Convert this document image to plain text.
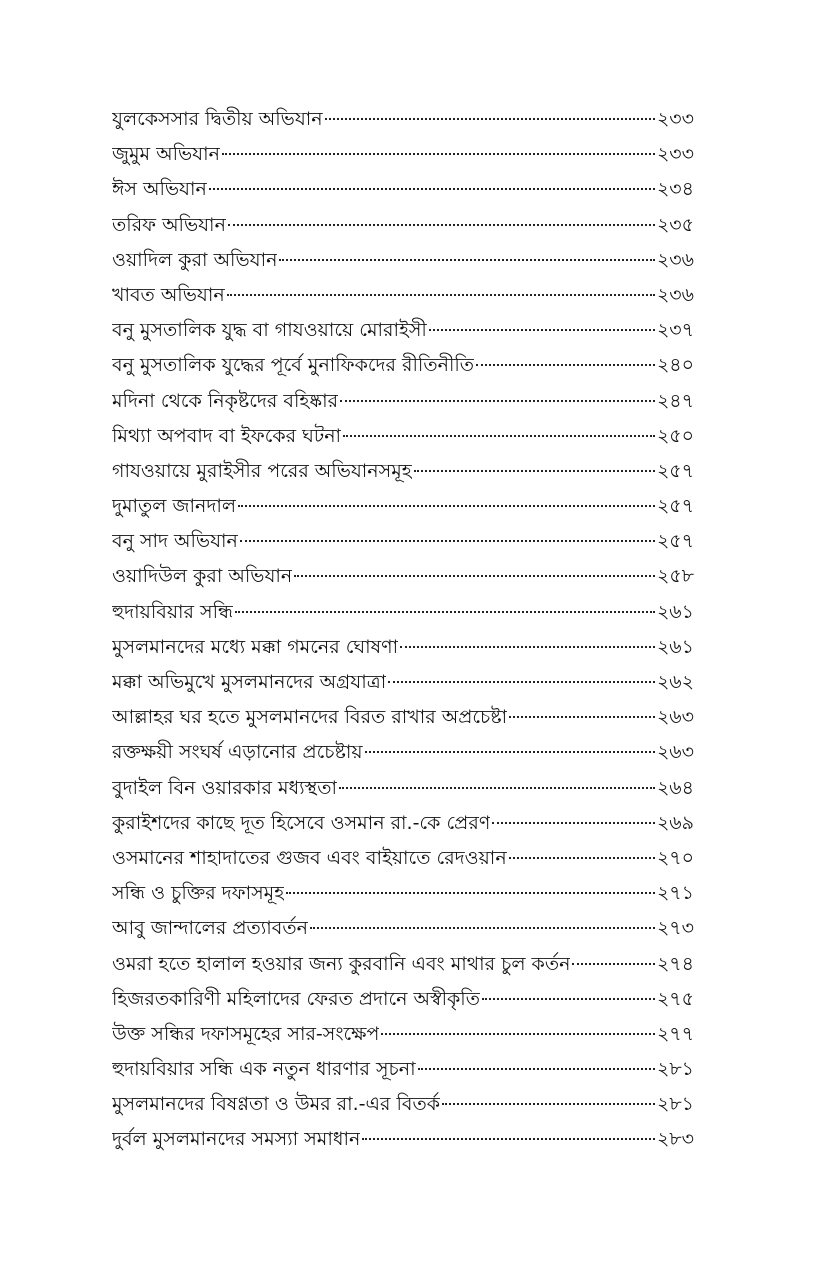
যুলকেসসার দ্বিতীয় অভিযান	২৩৩
জুমুম অভিযান	২৩৩
ঈস অভিযান	২৩৪
তরিফ অভিযান	২৩৫
ওয়াদিল কুরা অভিযান	২৩৬
খাবত অভিযান	২৩৬
বনু মুসতালিক যুদ্ধ বা গাযওয়ায়ে মোরাইসী	২৩৭
বনু মুসতালিক যুদ্ধের পূর্বে মুনাফিকদের রীতিনীতি	২৪০
মদিনা থেকে নিকৃষ্টদের বহিষ্কার	২৪৭
মিথ্যা অপবাদ বা ইফকের ঘটনা	২৫০
গাযওয়ায়ে মুরাইসীর পরের অভিযানসমূহ	২৫৭
দুমাতুল জানদাল	২৫৭
বনু সাদ অভিযান	২৫৭
ওয়াদিউল কুরা অভিযান	২৫৮
হুদায়বিয়ার সন্ধি	২৬১
মুসলমানদের মধ্যে মক্কা গমনের ঘোষণা	২৬১
মক্কা অভিমুখে মুসলমানদের অগ্রযাত্রা	২৬২
আল্লাহর ঘর হতে মুসলমানদের বিরত রাখার অপ্রচেষ্টা	২৬৩
রক্তক্ষয়ী সংঘর্ষ এড়ানোর প্রচেষ্টায়	২৬৩
বুদাইল বিন ওয়ারকার মধ্যস্থতা	২৬৪
কুরাইশদের কাছে দূত হিসেবে ওসমান রা.-কে প্রেরণ	২৬৯
ওসমানের শাহাদাতের গুজব এবং বাইয়াতে রেদওয়ান	২৭০
সন্ধি ও চুক্তির দফাসমূহ	২৭১
আবু জান্দালের প্রত্যাবর্তন	২৭৩
ওমরা হতে হালাল হওয়ার জন্য কুরবানি এবং মাথার চুল কর্তন	২৭৪
হিজরতকারিণী মহিলাদের ফেরত প্রদানে অস্বীকৃতি	২৭৫
উক্ত সন্ধির দফাসমূহের সার-সংক্ষেপ	২৭৭
হুদায়বিয়ার সন্ধি এক নতুন ধারণার সূচনা	২৮১
মুসলমানদের বিষণ্ণতা ও উমর রা.-এর বিতর্ক	২৮১
দুর্বল মুসলমানদের সমস্যা সমাধান	২৮৩
